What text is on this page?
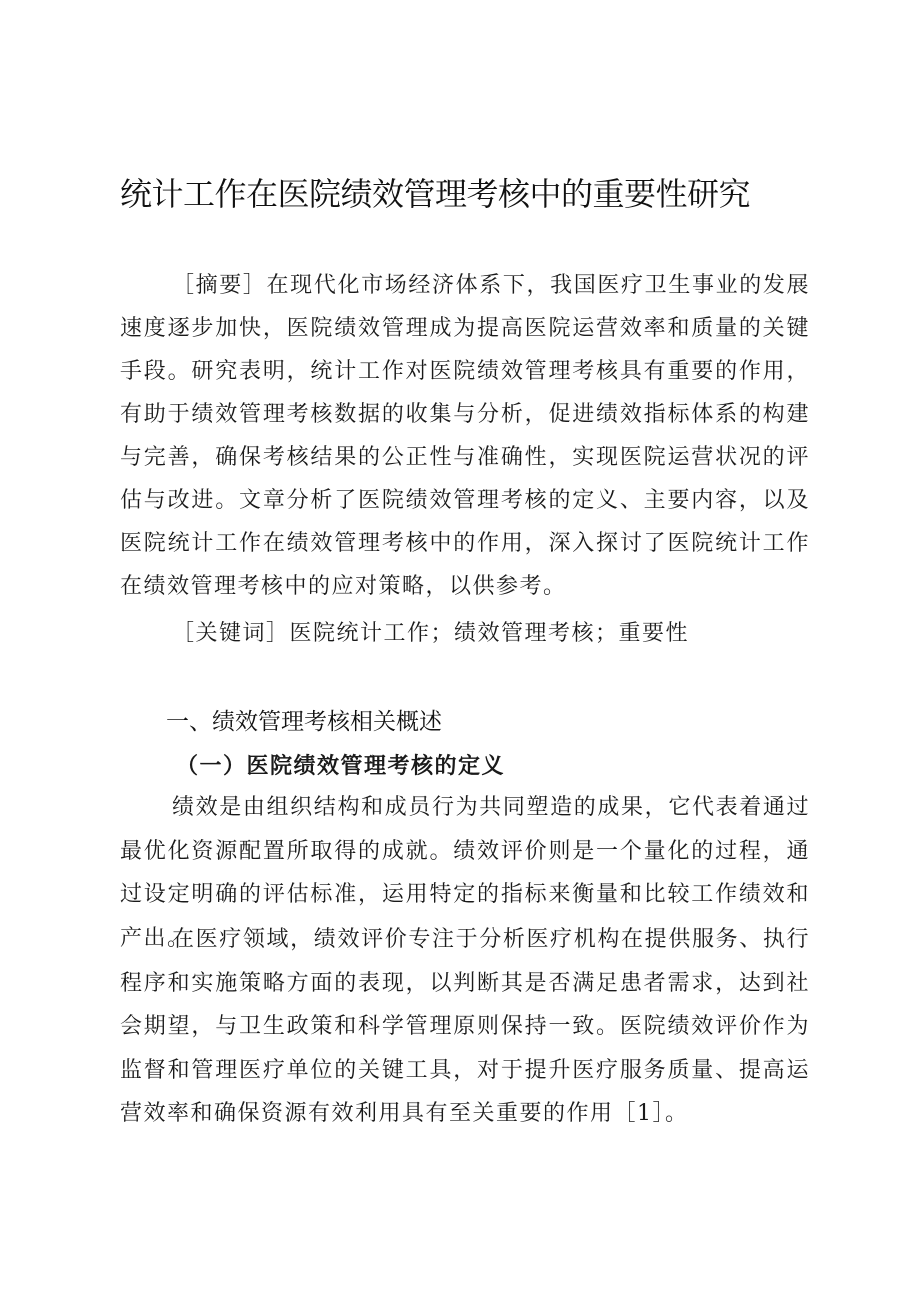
统计工作在医院绩效管理考核中的重要性研究

［摘要］在现代化市场经济体系下，我国医疗卫生事业的发展速度逐步加快，医院绩效管理成为提高医院运营效率和质量的关键手段。研究表明，统计工作对医院绩效管理考核具有重要的作用，有助于绩效管理考核数据的收集与分析，促进绩效指标体系的构建与完善，确保考核结果的公正性与准确性，实现医院运营状况的评估与改进。文章分析了医院绩效管理考核的定义、主要内容，以及医院统计工作在绩效管理考核中的作用，深入探讨了医院统计工作在绩效管理考核中的应对策略，以供参考。

［关键词］医院统计工作；绩效管理考核；重要性

一、绩效管理考核相关概述
（一）医院绩效管理考核的定义

绩效是由组织结构和成员行为共同塑造的成果，它代表着通过最优化资源配置所取得的成就。绩效评价则是一个量化的过程，通过设定明确的评估标准，运用特定的指标来衡量和比较工作绩效和产出。

在医疗领域，绩效评价专注于分析医疗机构在提供服务、执行程序和实施策略方面的表现，以判断其是否满足患者需求，达到社会期望，与卫生政策和科学管理原则保持一致。医院绩效评价作为监督和管理医疗单位的关键工具，对于提升医疗服务质量、提高运营效率和确保资源有效利用具有至关重要的作用［1］。
